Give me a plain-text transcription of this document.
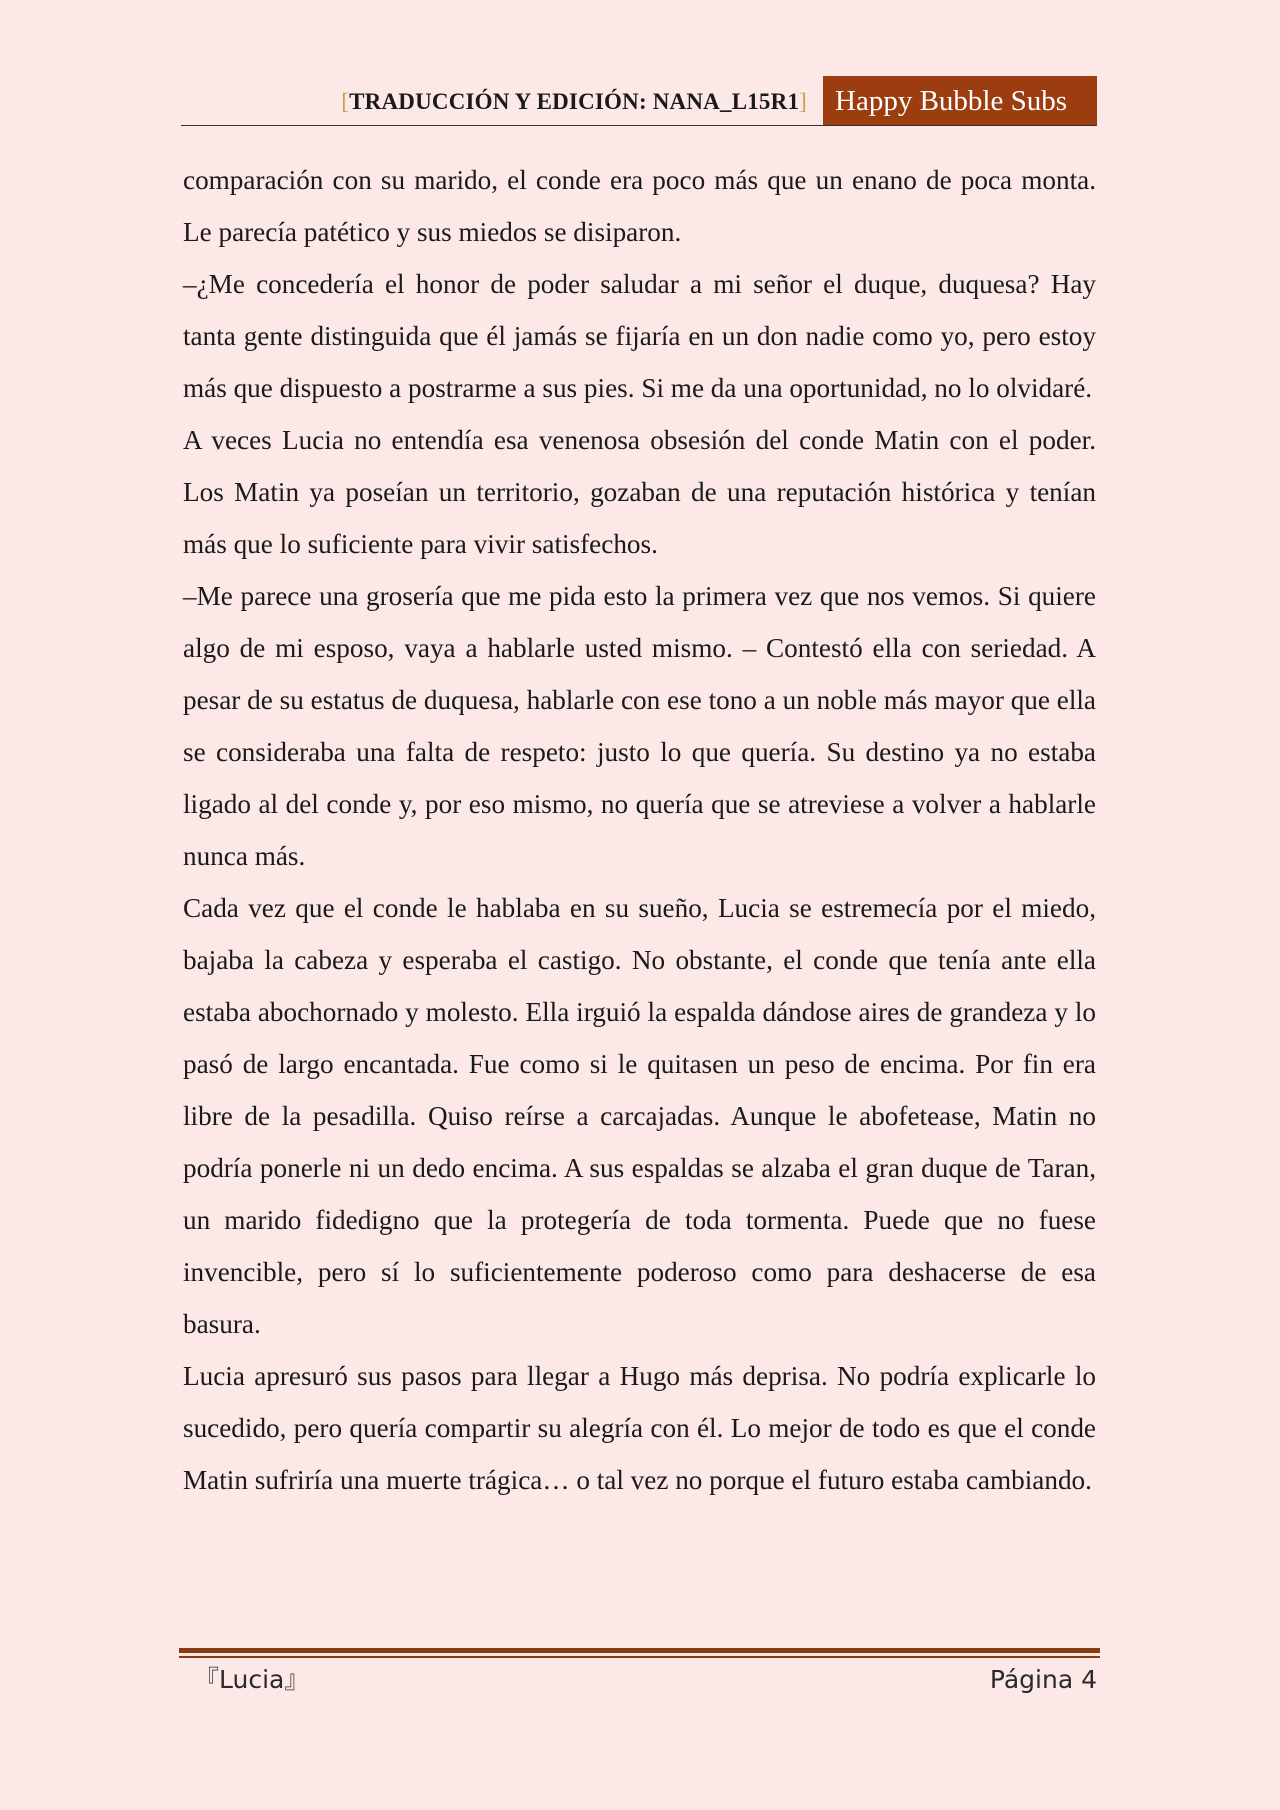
[TRADUCCIÓN Y EDICIÓN: NANA_L15R1] Happy Bubble Subs

comparación con su marido, el conde era poco más que un enano de poca monta. Le parecía patético y sus miedos se disiparon.

–¿Me concedería el honor de poder saludar a mi señor el duque, duquesa? Hay tanta gente distinguida que él jamás se fijaría en un don nadie como yo, pero estoy más que dispuesto a postrarme a sus pies. Si me da una oportunidad, no lo olvidaré.

A veces Lucia no entendía esa venenosa obsesión del conde Matin con el poder. Los Matin ya poseían un territorio, gozaban de una reputación histórica y tenían más que lo suficiente para vivir satisfechos.

–Me parece una grosería que me pida esto la primera vez que nos vemos. Si quiere algo de mi esposo, vaya a hablarle usted mismo. – Contestó ella con seriedad. A pesar de su estatus de duquesa, hablarle con ese tono a un noble más mayor que ella se consideraba una falta de respeto: justo lo que quería. Su destino ya no estaba ligado al del conde y, por eso mismo, no quería que se atreviese a volver a hablarle nunca más.

Cada vez que el conde le hablaba en su sueño, Lucia se estremecía por el miedo, bajaba la cabeza y esperaba el castigo. No obstante, el conde que tenía ante ella estaba abochornado y molesto. Ella irguió la espalda dándose aires de grandeza y lo pasó de largo encantada. Fue como si le quitasen un peso de encima. Por fin era libre de la pesadilla. Quiso reírse a carcajadas. Aunque le abofetease, Matin no podría ponerle ni un dedo encima. A sus espaldas se alzaba el gran duque de Taran, un marido fidedigno que la protegería de toda tormenta. Puede que no fuese invencible, pero sí lo suficientemente poderoso como para deshacerse de esa basura.

Lucia apresuró sus pasos para llegar a Hugo más deprisa. No podría explicarle lo sucedido, pero quería compartir su alegría con él. Lo mejor de todo es que el conde Matin sufriría una muerte trágica… o tal vez no porque el futuro estaba cambiando.

『Lucia』	Página 4
